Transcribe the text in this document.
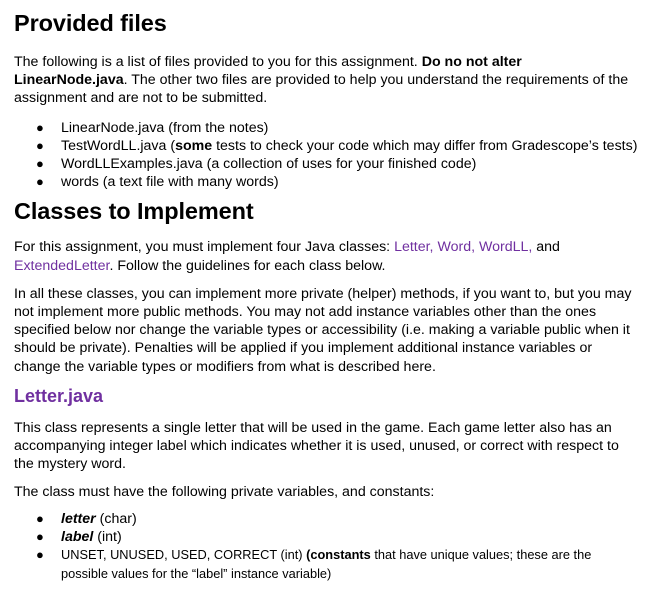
Provided files

The following is a list of files provided to you for this assignment. Do no not alter LinearNode.java. The other two files are provided to help you understand the requirements of the assignment and are not to be submitted.

● LinearNode.java (from the notes)
● TestWordLL.java (some tests to check your code which may differ from Gradescope’s tests)
● WordLLExamples.java (a collection of uses for your finished code)
● words (a text file with many words)
Classes to Implement

For this assignment, you must implement four Java classes: Letter, Word, WordLL, and ExtendedLetter. Follow the guidelines for each class below.

In all these classes, you can implement more private (helper) methods, if you want to, but you may not implement more public methods. You may not add instance variables other than the ones specified below nor change the variable types or accessibility (i.e. making a variable public when it should be private). Penalties will be applied if you implement additional instance variables or change the variable types or modifiers from what is described here.

Letter.java

This class represents a single letter that will be used in the game. Each game letter also has an accompanying integer label which indicates whether it is used, unused, or correct with respect to the mystery word.

The class must have the following private variables, and constants:

● letter (char)
● label (int)
● UNSET, UNUSED, USED, CORRECT (int) (constants that have unique values; these are the possible values for the “label” instance variable)
